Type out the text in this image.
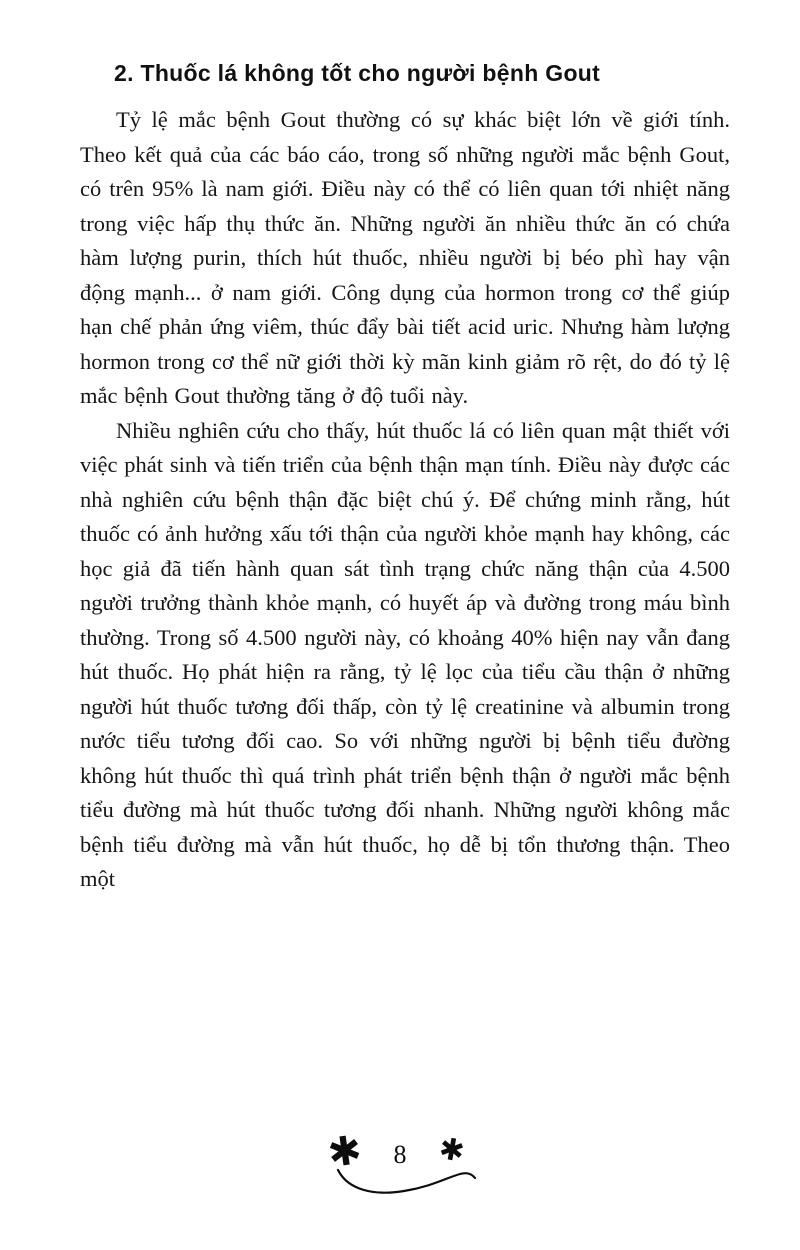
2. Thuốc lá không tốt cho người bệnh Gout

Tỷ lệ mắc bệnh Gout thường có sự khác biệt lớn về giới tính. Theo kết quả của các báo cáo, trong số những người mắc bệnh Gout, có trên 95% là nam giới. Điều này có thể có liên quan tới nhiệt năng trong việc hấp thụ thức ăn. Những người ăn nhiều thức ăn có chứa hàm lượng purin, thích hút thuốc, nhiều người bị béo phì hay vận động mạnh... ở nam giới. Công dụng của hormon trong cơ thể giúp hạn chế phản ứng viêm, thúc đẩy bài tiết acid uric. Nhưng hàm lượng hormon trong cơ thể nữ giới thời kỳ mãn kinh giảm rõ rệt, do đó tỷ lệ mắc bệnh Gout thường tăng ở độ tuổi này.

Nhiều nghiên cứu cho thấy, hút thuốc lá có liên quan mật thiết với việc phát sinh và tiến triển của bệnh thận mạn tính. Điều này được các nhà nghiên cứu bệnh thận đặc biệt chú ý. Để chứng minh rằng, hút thuốc có ảnh hưởng xấu tới thận của người khỏe mạnh hay không, các học giả đã tiến hành quan sát tình trạng chức năng thận của 4.500 người trưởng thành khỏe mạnh, có huyết áp và đường trong máu bình thường. Trong số 4.500 người này, có khoảng 40% hiện nay vẫn đang hút thuốc. Họ phát hiện ra rằng, tỷ lệ lọc của tiểu cầu thận ở những người hút thuốc tương đối thấp, còn tỷ lệ creatinine và albumin trong nước tiểu tương đối cao. So với những người bị bệnh tiểu đường không hút thuốc thì quá trình phát triển bệnh thận ở người mắc bệnh tiểu đường mà hút thuốc tương đối nhanh. Những người không mắc bệnh tiểu đường mà vẫn hút thuốc, họ dễ bị tổn thương thận. Theo một

✱	8 ✱
